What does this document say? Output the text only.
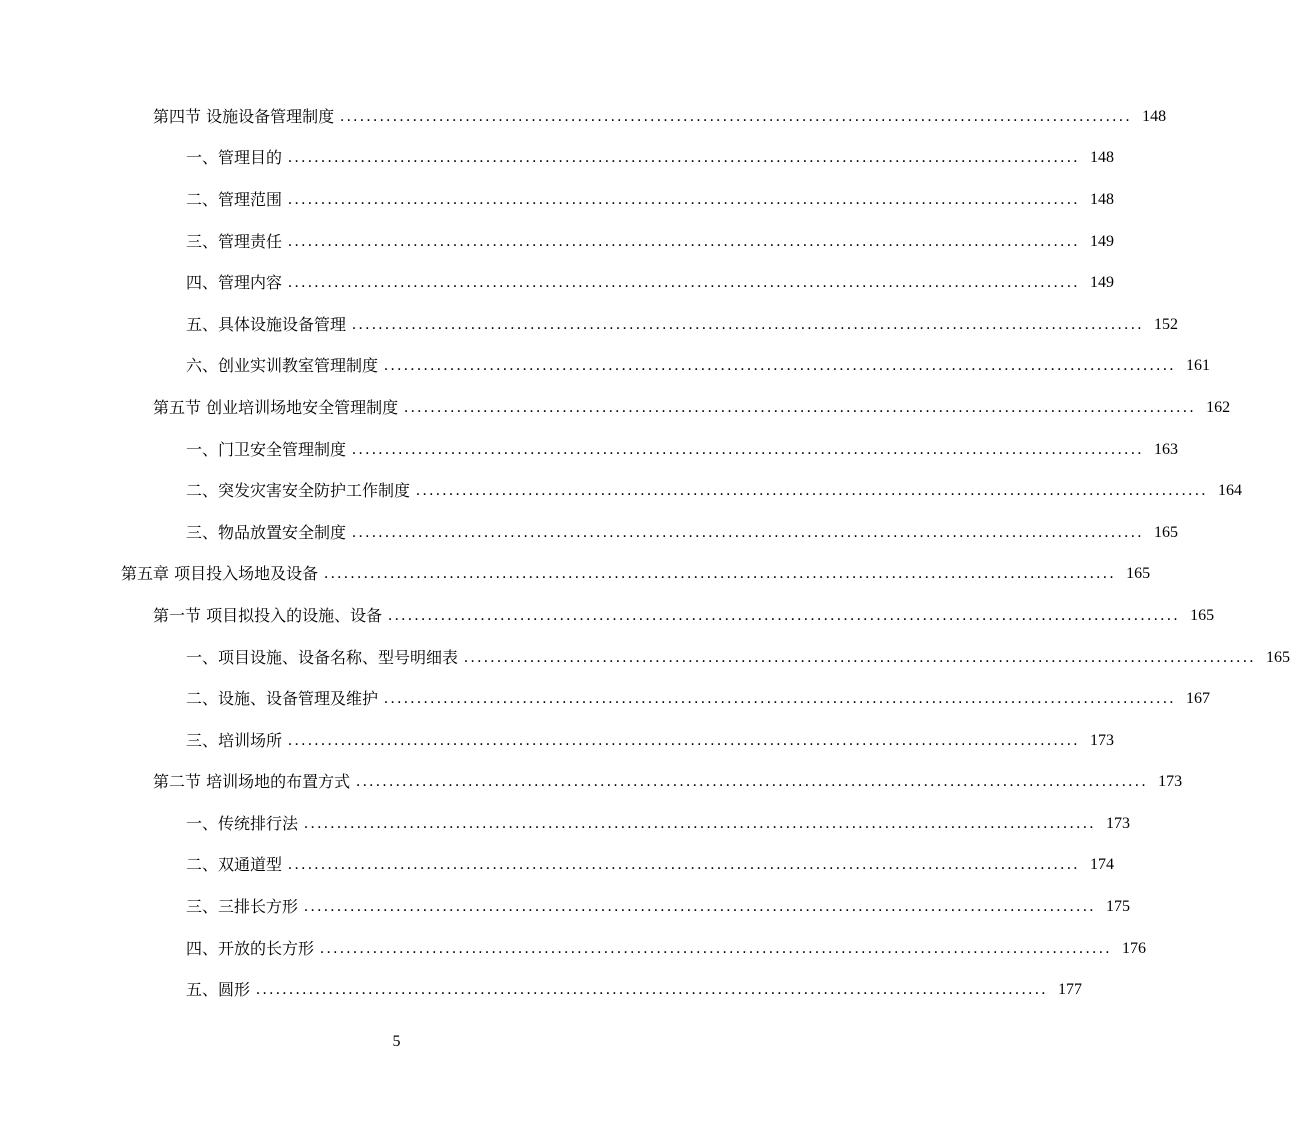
第四节 设施设备管理制度 ........................................................................................................................ 148
一、管理目的 ........................................................................................................................ 148
二、管理范围 ........................................................................................................................ 148
三、管理责任 ........................................................................................................................ 149
四、管理内容 ........................................................................................................................ 149
五、具体设施设备管理 ........................................................................................................................ 152
六、创业实训教室管理制度 ........................................................................................................................ 161
第五节 创业培训场地安全管理制度 ........................................................................................................................ 162
一、门卫安全管理制度 ........................................................................................................................ 163
二、突发灾害安全防护工作制度 ........................................................................................................................ 164
三、物品放置安全制度 ........................................................................................................................ 165
第五章 项目投入场地及设备 ........................................................................................................................ 165
第一节 项目拟投入的设施、设备 ........................................................................................................................ 165
一、项目设施、设备名称、型号明细表 ........................................................................................................................ 165
二、设施、设备管理及维护 ........................................................................................................................ 167
三、培训场所 ........................................................................................................................ 173
第二节 培训场地的布置方式 ........................................................................................................................ 173
一、传统排行法 ........................................................................................................................ 173
二、双通道型 ........................................................................................................................ 174
三、三排长方形 ........................................................................................................................ 175
四、开放的长方形 ........................................................................................................................ 176
五、圆形 ........................................................................................................................ 177
5
